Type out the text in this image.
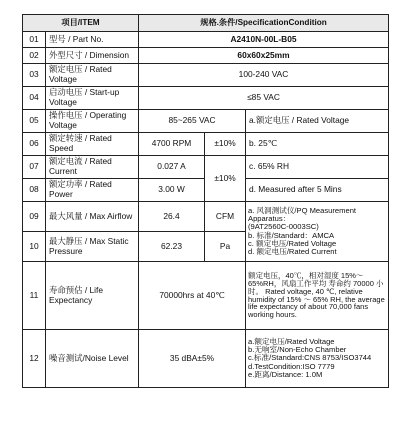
项目/ITEM		规格.条件/SpecificationCondition		
01	型号 / Part No.	A2410N-00L-B05		
02	外型尺寸 / Dimension	60x60x25mm		
03	额定电压 / Rated Voltage	100-240 VAC		
04	启动电压 / Start-up Voltage	≤85 VAC		
05	操作电压 / Operating Voltage	85~265 VAC		a.额定电压 / Rated Voltage
06	额定转速 / Rated Speed	4700 RPM	±10%	b. 25℃
07	额定电流 / Rated Current	0.027 A	±10%	c. 65% RH
08	额定功率 / Rated Power	3.00 W		d. Measured after 5 Mins
09	最大风量 / Max Airflow	26.4	CFM	a. 风洞测试仪/PQ Measurement Apparatus：
(9AT2560C-0003SC)
b. 标准/Standard：AMCA
c. 额定电压/Rated Voltage
d. 额定电压/Rated Current

10	最大静压 / Max Static Pressure	62.23	Pa	
11	寿命预估 / Life Expectancy	70000hrs at 40℃		额定电压，40℃，相对湿度 15%～65%RH，风扇工作平均 寿命约 70000 小时。 Rated voltage, 40 ℃, relative humidity of 15% ～ 65% RH, the average life expectancy of about 70,000 fans working hours.
12	噪音测试/Noise Level	35 dBA±5%		a.额定电压/Rated Voltage
b.无响室/Non-Echo Chamber
c.标准/Standard:CNS 8753/ISO3744
d.TestCondition:ISO 7779
e.距离/Distance: 1.0M
